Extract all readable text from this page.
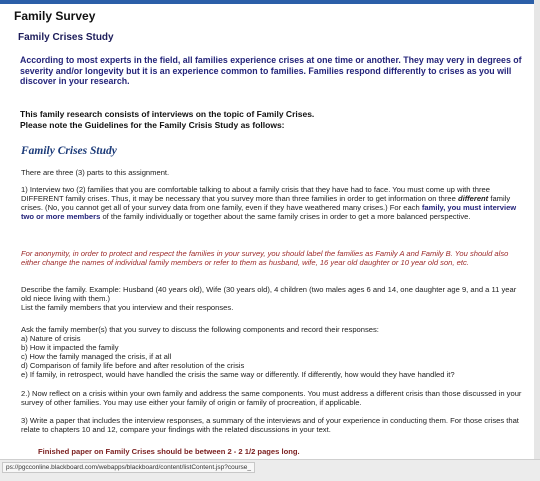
Family Survey
Family Crises Study
According to most experts in the field, all families experience crises at one time or another. They may very in degrees of severity and/or longevity but it is an experience common to families. Families respond differently to crises as you will discover in your research.
This family research consists of interviews on the topic of Family Crises.
Please note the Guidelines for the Family Crisis Study as follows:
Family Crises Study
There are three (3) parts to this assignment.
1) Interview two (2) families that you are comfortable talking to about a family crisis that they have had to face. You must come up with three DIFFERENT family crises. Thus, it may be necessary that you survey more than three families in order to get information on three different family crises. (No, you cannot get all of your survey data from one family, even if they have weathered many crises.) For each family, you must interview two or more members of the family individually or together about the same family crises in order to get a more balanced perspective.
For anonymity, in order to protect and respect the families in your survey, you should label the families as Family A and Family B. You should also either change the names of individual family members or refer to them as husband, wife, 16 year old daughter or 10 year old son, etc.
Describe the family. Example: Husband (40 years old), Wife (30 years old), 4 children (two males ages 6 and 14, one daughter age 9, and a 11 year old niece living with them.)
List the family members that you interview and their responses.
Ask the family member(s) that you survey to discuss the following components and record their responses:
a) Nature of crisis
b) How it impacted the family
c) How the family managed the crisis, if at all
d) Comparison of family life before and after resolution of the crisis
e) If family, in retrospect, would have handled the crisis the same way or differently. If differently, how would they have handled it?
2.) Now reflect on a crisis within your own family and address the same components. You must address a different crisis than those discussed in your survey of other families. You may use either your family of origin or family of procreation, if applicable.
3) Write a paper that includes the interview responses, a summary of the interviews and of your experience in conducting them. For those crises that relate to chapters 10 and 12, compare your findings with the related discussions in your text.
Finished paper on Family Crises should be between 2 - 2 1/2 pages long.
ps://pgcconline.blackboard.com/webapps/blackboard/content/listContent.jsp?course_
